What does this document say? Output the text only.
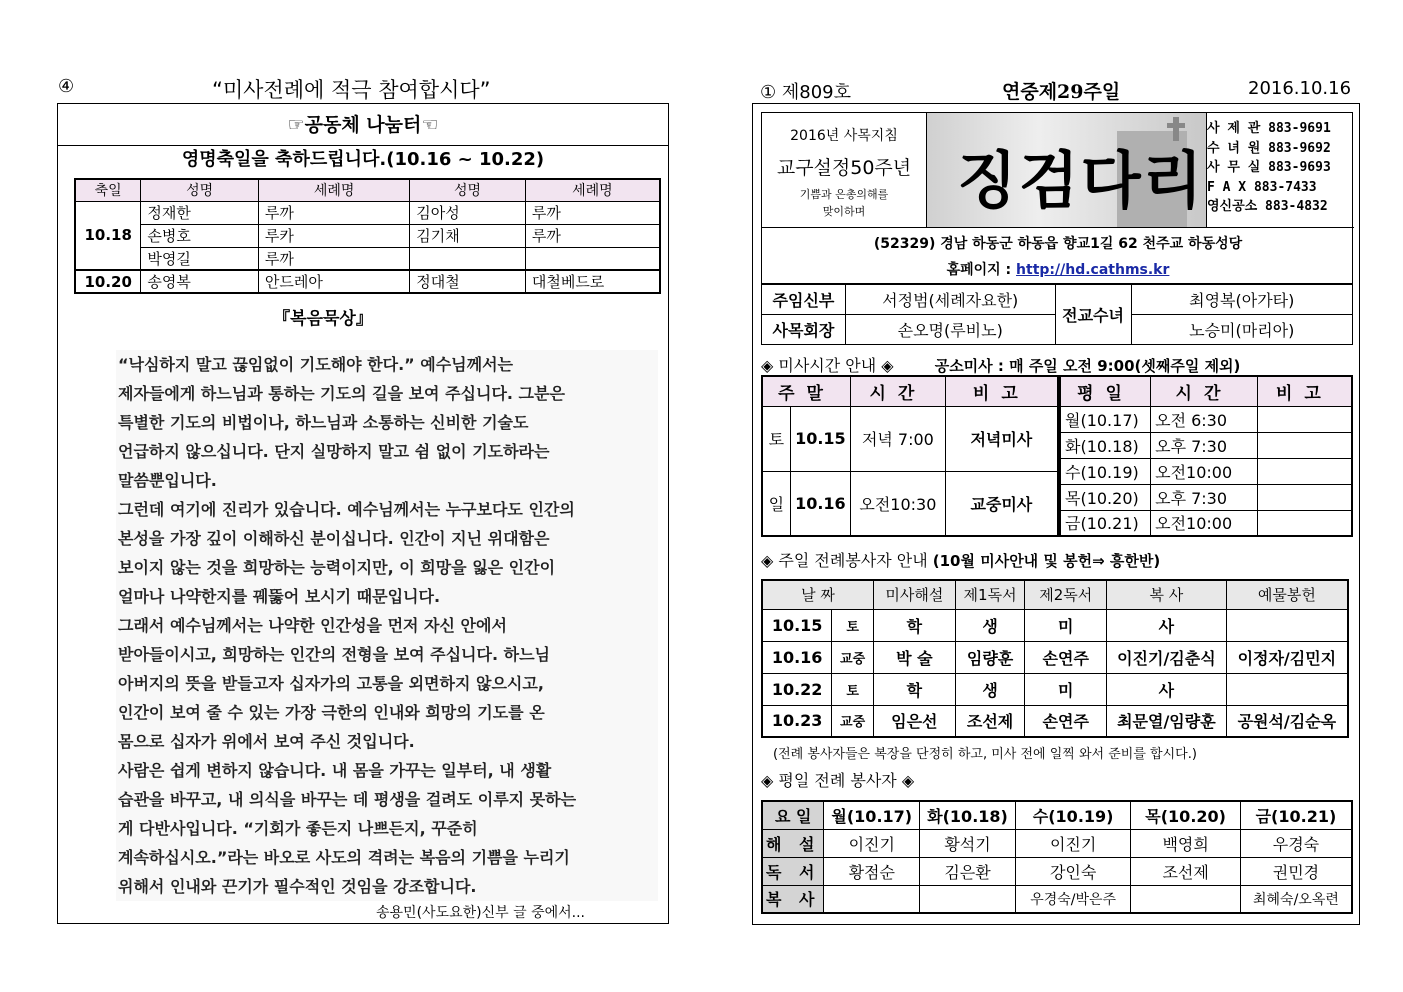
④	“미사전례에 적극 참여합시다”
☞공동체 나눔터☜
영명축일을 축하드립니다.(10.16 ~ 10.22)
축일	성명	세례명	성명	세례명
10.18	정재한	루까	김아성	루까
	손병호	루카	김기채	루까
	박영길	루까		
10.20	송영복	안드레아	정대철	대철베드로
『복음묵상』
“낙심하지 말고 끊임없이 기도해야 한다.” 예수님께서는
제자들에게 하느님과 통하는 기도의 길을 보여 주십니다. 그분은
특별한 기도의 비법이나, 하느님과 소통하는 신비한 기술도
언급하지 않으십니다. 단지 실망하지 말고 쉼 없이 기도하라는
말씀뿐입니다.
그런데 여기에 진리가 있습니다. 예수님께서는 누구보다도 인간의
본성을 가장 깊이 이해하신 분이십니다. 인간이 지닌 위대함은
보이지 않는 것을 희망하는 능력이지만, 이 희망을 잃은 인간이
얼마나 나약한지를 꿰뚫어 보시기 때문입니다.
그래서 예수님께서는 나약한 인간성을 먼저 자신 안에서
받아들이시고, 희망하는 인간의 전형을 보여 주십니다. 하느님
아버지의 뜻을 받들고자 십자가의 고통을 외면하지 않으시고,
인간이 보여 줄 수 있는 가장 극한의 인내와 희망의 기도를 온
몸으로 십자가 위에서 보여 주신 것입니다.
사람은 쉽게 변하지 않습니다. 내 몸을 가꾸는 일부터, 내 생활
습관을 바꾸고, 내 의식을 바꾸는 데 평생을 걸려도 이루지 못하는
게 다반사입니다. “기회가 좋든지 나쁘든지, 꾸준히
계속하십시오.”라는 바오로 사도의 격려는 복음의 기쁨을 누리기
위해서 인내와 끈기가 필수적인 것임을 강조합니다.
송용민(사도요한)신부 글 중에서...
① 제809호	연중제29주일	2016.10.16
2016년 사목지침
교구설정50주년
기쁨과 은총의해를
맞이하며	징검다리
사 제 관 883-9691
수 녀 원 883-9692
사 무 실 883-9693
F A X 883-7433
영신공소 883-4832
(52329) 경남 하동군 하동읍 향교1길 62 천주교 하동성당
홈페이지 : http://hd.cathms.kr
주임신부	서정범(세례자요한)	전교수녀	최영복(아가타)
사목회장	손오명(루비노)		노승미(마리아)
◈ 미사시간 안내 ◈	공소미사 : 매 주일 오전 9:00(셋째주일 제외)
주말		시간	비고
토	10.15	저녁 7:00	저녁미사
일	10.16	오전10:30	교중미사
평일	시간	비고
월(10.17)	오전 6:30	
화(10.18)	오후 7:30	
수(10.19)	오전10:00	
목(10.20)	오후 7:30	
금(10.21)	오전10:00	
◈ 주일 전례봉사자 안내 (10월 미사안내 및 봉헌⇒ 흥한반)
날 짜		미사해설	제1독서	제2독서	복 사	예물봉헌
10.15	토	학	생	미	사	
10.16	교중	박 술	임량훈	손연주	이진기/김춘식	이정자/김민지
10.22	토	학	생	미	사	
10.23	교중	임은선	조선제	손연주	최문열/임량훈	공원석/김순옥
(전례 봉사자들은 복장을 단정히 하고, 미사 전에 일찍 와서 준비를 합시다.)
◈ 평일 전례 봉사자 ◈
요 일	월(10.17)	화(10.18)	수(10.19)	목(10.20)	금(10.21)
해 설	이진기	황석기	이진기	백영희	우경숙
독 서	황점순	김은환	강인숙	조선제	권민경
복 사			우경숙/박은주		최혜숙/오옥련
